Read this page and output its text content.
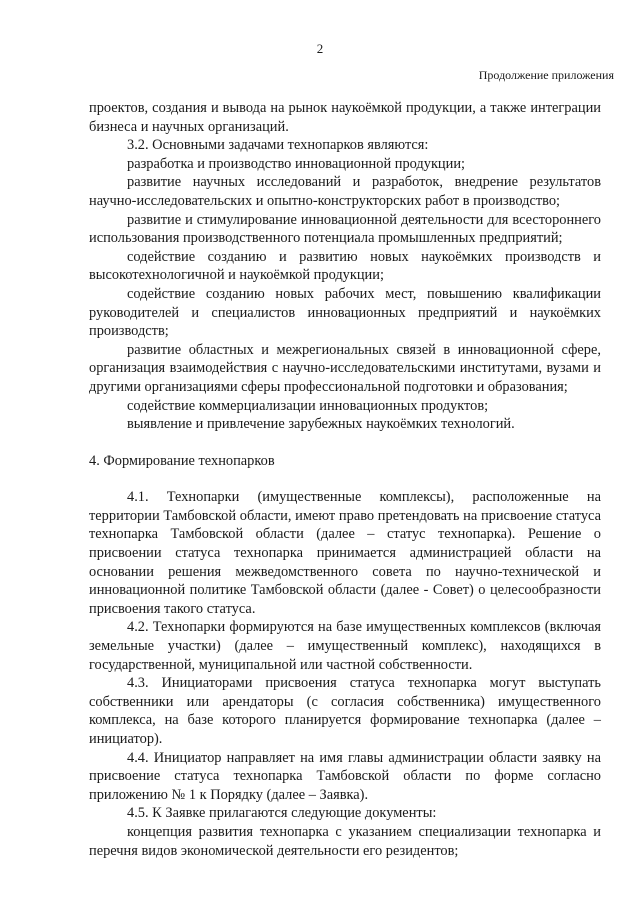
2
Продолжение приложения

проектов, создания и вывода на рынок наукоёмкой продукции, а также интеграции бизнеса и научных организаций.

3.2. Основными задачами технопарков являются:

разработка и производство инновационной продукции;

развитие научных исследований и разработок, внедрение результатов научно-исследовательских и опытно-конструкторских работ в производство;

развитие и стимулирование инновационной деятельности для всестороннего использования производственного потенциала промышленных предприятий;

содействие созданию и развитию новых наукоёмких производств и высокотехнологичной и наукоёмкой продукции;

содействие созданию новых рабочих мест, повышению квалификации руководителей и специалистов инновационных предприятий и наукоёмких производств;

развитие областных и межрегиональных связей в инновационной сфере, организация взаимодействия с научно-исследовательскими институтами, вузами и другими организациями сферы профессиональной подготовки и образования;

содействие коммерциализации инновационных продуктов;

выявление и привлечение зарубежных наукоёмких технологий.

4. Формирование технопарков

4.1. Технопарки (имущественные комплексы), расположенные на территории Тамбовской области, имеют право претендовать на присвоение статуса технопарка Тамбовской области (далее – статус технопарка). Решение о присвоении статуса технопарка принимается администрацией области на основании решения межведомственного совета по научно-технической и инновационной политике Тамбовской области (далее - Совет) о целесообразности присвоения такого статуса.

4.2. Технопарки формируются на базе имущественных комплексов (включая земельные участки) (далее – имущественный комплекс), находящихся в государственной, муниципальной или частной собственности.

4.3. Инициаторами присвоения статуса технопарка могут выступать собственники или арендаторы (с согласия собственника) имущественного комплекса, на базе которого планируется формирование технопарка (далее – инициатор).

4.4. Инициатор направляет на имя главы администрации области заявку на присвоение статуса технопарка Тамбовской области по форме согласно приложению № 1 к Порядку (далее – Заявка).

4.5. К Заявке прилагаются следующие документы:

концепция развития технопарка с указанием специализации технопарка и перечня видов экономической деятельности его резидентов;
